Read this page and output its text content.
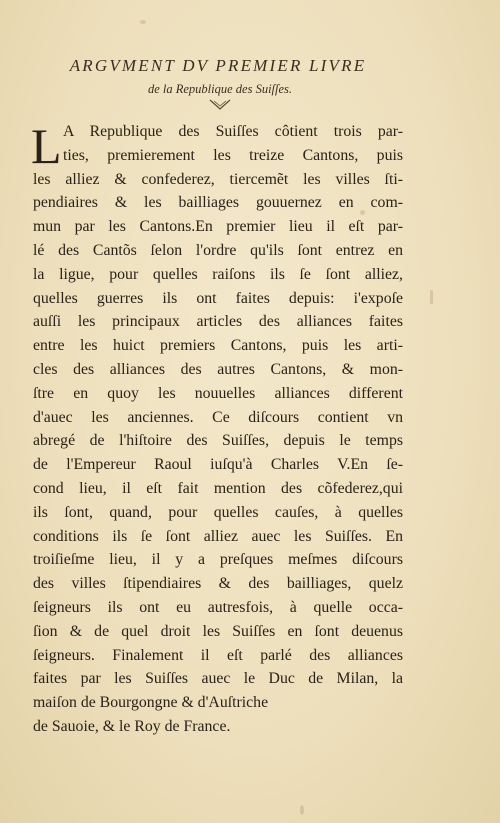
ARGVMENT DV PREMIER LIVRE
de la Republique des Suiſſes.
L A Republique des Suiſſes côtient trois par-
ties, premierement les treize Cantons, puis
les alliez & confederez, tiercemẽt les villes ſti-
pendiaires & les bailliages gouuernez en com-
mun par les Cantons.En premier lieu il eſt par-
lé des Cantõs ſelon l'ordre qu'ils ſont entrez en
la ligue, pour quelles raiſons ils ſe ſont alliez,
quelles guerres ils ont faites depuis: i'expoſe
auſſi les principaux articles des alliances faites
entre les huict premiers Cantons, puis les arti-
cles des alliances des autres Cantons, & mon-
ſtre en quoy les nouuelles alliances different
d'auec les anciennes. Ce diſcours contient vn
abregé de l'hiſtoire des Suiſſes, depuis le temps
de l'Empereur Raoul iuſqu'à Charles V.En ſe-
cond lieu, il eſt fait mention des cõfederez,qui
ils ſont, quand, pour quelles cauſes, à quelles
conditions ils ſe ſont alliez auec les Suiſſes. En
troiſieſme lieu, il y a preſques meſmes diſcours
des villes ſtipendiaires & des bailliages, quelz
ſeigneurs ils ont eu autresfois, à quelle occa-
ſion & de quel droit les Suiſſes en ſont deuenus
ſeigneurs. Finalement il eſt parlé des alliances
faites par les Suiſſes auec le Duc de Milan, la
maiſon de Bourgongne & d'Auſtriche
de Sauoie, & le Roy de France.
